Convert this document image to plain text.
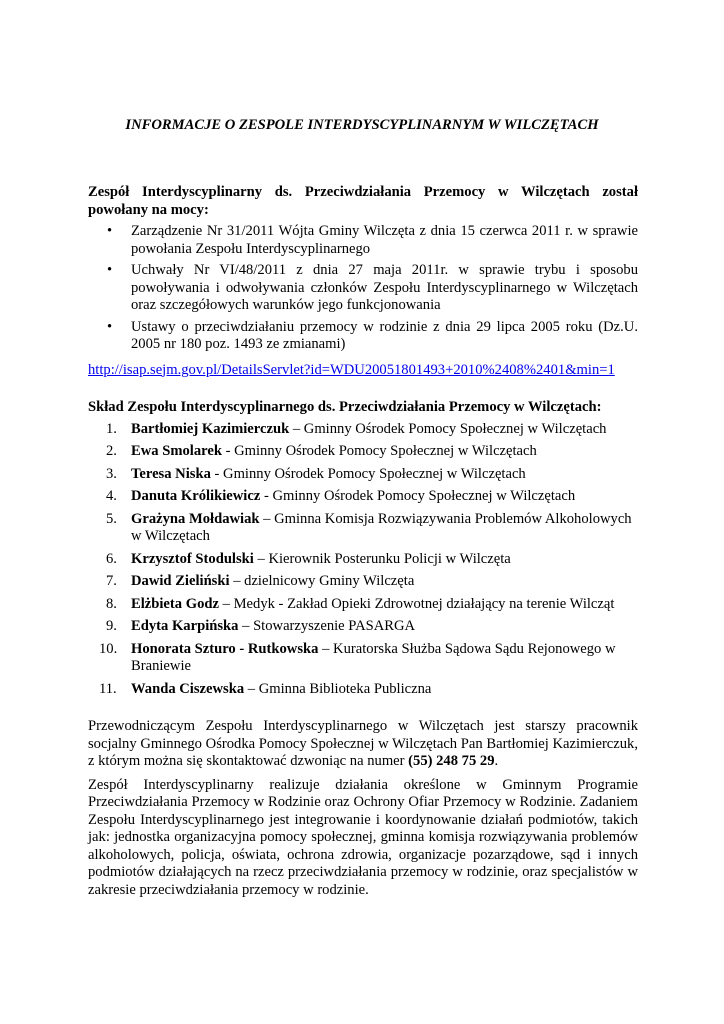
INFORMACJE O ZESPOLE INTERDYSCYPLINARNYM W WILCZĘTACH
Zespół Interdyscyplinarny ds. Przeciwdziałania Przemocy w Wilczętach został powołany na mocy:
• Zarządzenie Nr 31/2011 Wójta Gminy Wilczęta z dnia 15 czerwca 2011 r. w sprawie powołania Zespołu Interdyscyplinarnego
• Uchwały Nr VI/48/2011 z dnia 27 maja 2011r. w sprawie trybu i sposobu powoływania i odwoływania członków Zespołu Interdyscyplinarnego w Wilczętach oraz szczegółowych warunków jego funkcjonowania
• Ustawy o przeciwdziałaniu przemocy w rodzinie z dnia 29 lipca 2005 roku (Dz.U. 2005 nr 180 poz. 1493 ze zmianami)
http://isap.sejm.gov.pl/DetailsServlet?id=WDU20051801493+2010%2408%2401&min=1
Skład Zespołu Interdyscyplinarnego ds. Przeciwdziałania Przemocy w Wilczętach:
1. Bartłomiej Kazimierczuk – Gminny Ośrodek Pomocy Społecznej w Wilczętach
2. Ewa Smolarek - Gminny Ośrodek Pomocy Społecznej w Wilczętach
3. Teresa Niska - Gminny Ośrodek Pomocy Społecznej w Wilczętach
4. Danuta Królikiewicz - Gminny Ośrodek Pomocy Społecznej w Wilczętach
5. Grażyna Mołdawiak – Gminna Komisja Rozwiązywania Problemów Alkoholowych w Wilczętach
6. Krzysztof Stodulski – Kierownik Posterunku Policji w Wilczęta
7. Dawid Zieliński – dzielnicowy Gminy Wilczęta
8. Elżbieta Godz – Medyk - Zakład Opieki Zdrowotnej działający na terenie Wilcząt
9. Edyta Karpińska – Stowarzyszenie PASARGA
10. Honorata Szturo - Rutkowska – Kuratorska Służba Sądowa Sądu Rejonowego w Braniewie
11. Wanda Ciszewska – Gminna Biblioteka Publiczna
Przewodniczącym Zespołu Interdyscyplinarnego w Wilczętach jest starszy pracownik socjalny Gminnego Ośrodka Pomocy Społecznej w Wilczętach Pan Bartłomiej Kazimierczuk, z którym można się skontaktować dzwoniąc na numer (55) 248 75 29.
Zespół Interdyscyplinarny realizuje działania określone w Gminnym Programie Przeciwdziałania Przemocy w Rodzinie oraz Ochrony Ofiar Przemocy w Rodzinie. Zadaniem Zespołu Interdyscyplinarnego jest integrowanie i koordynowanie działań podmiotów, takich jak: jednostka organizacyjna pomocy społecznej, gminna komisja rozwiązywania problemów alkoholowych, policja, oświata, ochrona zdrowia, organizacje pozarządowe, sąd i innych podmiotów działających na rzecz przeciwdziałania przemocy w rodzinie, oraz specjalistów w zakresie przeciwdziałania przemocy w rodzinie.
